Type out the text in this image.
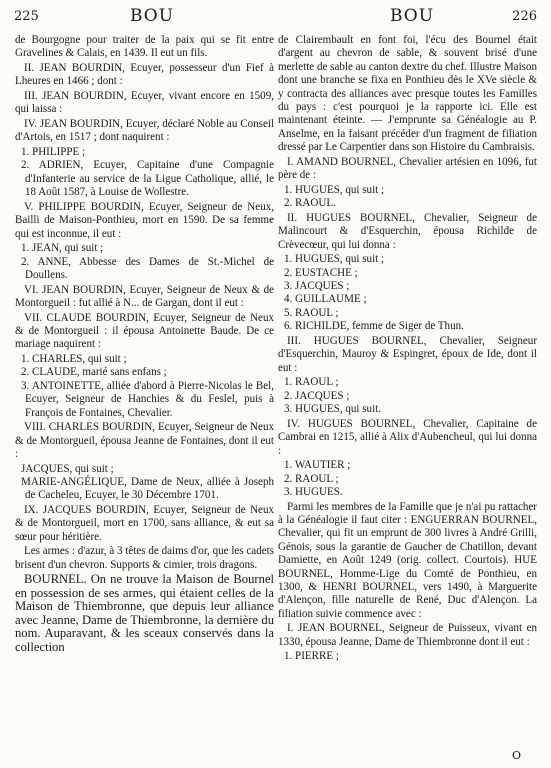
225	BOU	BOU	226

de Bourgogne pour traiter de la paix qui se fit entre Gravelines & Calais, en 1439. Il eut un fils.

II. JEAN BOURDIN, Ecuyer, possesseur d'un Fief à Lheures en 1466 ; dont :

III. JEAN BOURDIN, Ecuyer, vivant encore en 1509, qui laissa :

IV. JEAN BOURDIN, Ecuyer, déclaré Noble au Conseil d'Artois, en 1517 ; dont naquirent :

1. PHILIPPE ;
2. ADRIEN, Ecuyer, Capitaine d'une Compagnie d'Infanterie au service de la Ligue Catholique, allié, le 18 Août 1587, à Louise de Wollestre.

V. PHILIPPE BOURDIN, Ecuyer, Seigneur de Neux, Bailli de Maison-Ponthieu, mort en 1590. De sa femme qui est inconnue, il eut :

1. JEAN, qui suit ;
2. ANNE, Abbesse des Dames de St.-Michel de Doullens.

VI. JEAN BOURDIN, Ecuyer, Seigneur de Neux & de Montorgueil : fut allié à N... de Gargan, dont il eut :

VII. CLAUDE BOURDIN, Ecuyer, Seigneur de Neux & de Montorgueil : il épousa Antoinette Baude. De ce mariage naquirent :

1. CHARLES, qui suit ;
2. CLAUDE, marié sans enfans ;
3. ANTOINETTE, alliée d'abord à Pierre-Nicolas le Bel, Ecuyer, Seigneur de Hanchies & du Feslel, puis à François de Fontaines, Chevalier.

VIII. CHARLES BOURDIN, Ecuyer, Seigneur de Neux & de Montorgueil, épousa Jeanne de Fontaines, dont il eut :

JACQUES, qui suit ;
MARIE-ANGÉLIQUE, Dame de Neux, alliée à Joseph de Cacheleu, Ecuyer, le 30 Décembre 1701.

IX. JACQUES BOURDIN, Ecuyer, Seigneur de Neux & de Montorgueil, mort en 1700, sans alliance, & eut sa sœur pour héritière.

Les armes : d'azur, à 3 têtes de daims d'or, que les cadets brisent d'un chevron. Supports & cimier, trois dragons.

BOURNEL. On ne trouve la Maison de Bournel en possession de ses armes, qui étaient celles de la Maison de Thiembronne, que depuis leur alliance avec Jeanne, Dame de Thiembronne, la dernière du nom. Auparavant, & les sceaux conservés dans la collection

de Clairembault en font foi, l'écu des Bournel était d'argent au chevron de sable, & souvent brisé d'une merlette de sable au canton dextre du chef. Illustre Maison dont une branche se fixa en Ponthieu dès le XVe siècle & y contracta des alliances avec presque toutes les Familles du pays : c'est pourquoi je la rapporte ici. Elle est maintenant éteinte. — J'emprunte sa Généalogie au P. Anselme, en la faisant précéder d'un fragment de filiation dressé par Le Carpentier dans son Histoire du Cambraisis.

I. AMAND BOURNEL, Chevalier artésien en 1096, fut père de :

1. HUGUES, qui suit ;
2. RAOUL.

II. HUGUES BOURNEL, Chevalier, Seigneur de Malincourt & d'Esquerchin, épousa Richilde de Crèvecœur, qui lui donna :

1. HUGUES, qui suit ;
2. EUSTACHE ;
3. JACQUES ;
4. GUILLAUME ;
5. RAOUL ;
6. RICHILDE, femme de Siger de Thun.

III. HUGUES BOURNEL, Chevalier, Seigneur d'Esquerchin, Mauroy & Espingret, époux de Ide, dont il eut :

1. RAOUL ;
2. JACQUES ;
3. HUGUES, qui suit.

IV. HUGUES BOURNEL, Chevalier, Capitaine de Cambrai en 1215, allié à Alix d'Aubencheul, qui lui donna :

1. WAUTIER ;
2. RAOUL ;
3. HUGUES.

Parmi les membres de la Famille que je n'ai pu rattacher à la Généalogie il faut citer : ENGUERRAN BOURNEL, Chevalier, qui fit un emprunt de 300 livres à André Grilli, Génois, sous la garantie de Gaucher de Chatillon, devant Damiette, en Août 1249 (orig. collect. Courtois). HUE BOURNEL, Homme-Lige du Comté de Ponthieu, en 1300, & HENRI BOURNEL, vers 1490, à Marguerite d'Alençon, fille naturelle de René, Duc d'Alençon. La filiation suivie commence avec :

I. JEAN BOURNEL, Seigneur de Puisseux, vivant en 1330, épousa Jeanne, Dame de Thiembronne dont il eut :

1. PIERRE ;
O
